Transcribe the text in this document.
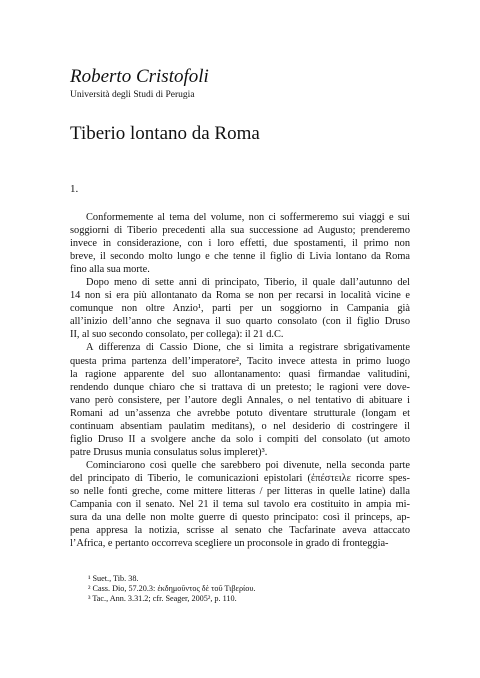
Roberto Cristofoli

Università degli Studi di Perugia

Tiberio lontano da Roma

1.

Conformemente al tema del volume, non ci soffermeremo sui viaggi e sui
soggiorni di Tiberio precedenti alla sua successione ad Augusto; prenderemo
invece in considerazione, con i loro effetti, due spostamenti, il primo non
breve, il secondo molto lungo e che tenne il figlio di Livia lontano da Roma
fino alla sua morte.
Dopo meno di sette anni di principato, Tiberio, il quale dall’autunno del
14 non si era più allontanato da Roma se non per recarsi in località vicine e
comunque non oltre Anzio¹, parti per un soggiorno in Campania già
all’inizio dell’anno che segnava il suo quarto consolato (con il figlio Druso
II, al suo secondo consolato, per collega): il 21 d.C.
A differenza di Cassio Dione, che si limita a registrare sbrigativamente
questa prima partenza dell’imperatore², Tacito invece attesta in primo luogo
la ragione apparente del suo allontanamento: quasi firmandae valitudini,
rendendo dunque chiaro che si trattava di un pretesto; le ragioni vere dove-
vano però consistere, per l’autore degli Annales, o nel tentativo di abituare i
Romani ad un’assenza che avrebbe potuto diventare strutturale (longam et
continuam absentiam paulatim meditans), o nel desiderio di costringere il
figlio Druso II a svolgere anche da solo i compiti del consolato (ut amoto
patre Drusus munia consulatus solus impleret)³.
Cominciarono così quelle che sarebbero poi divenute, nella seconda parte
del principato di Tiberio, le comunicazioni epistolari (ἐπέστειλε ricorre spes-
so nelle fonti greche, come mittere litteras / per litteras in quelle latine) dalla
Campania con il senato. Nel 21 il tema sul tavolo era costituito in ampia mi-
sura da una delle non molte guerre di questo principato: così il princeps, ap-
pena appresa la notizia, scrisse al senato che Tacfarinate aveva attaccato
l’Africa, e pertanto occorreva scegliere un proconsole in grado di fronteggia-
¹ Suet., Tib. 38.
² Cass. Dio, 57.20.3: ἐκδημοῦντος δὲ τοῦ Τιβερίου.
³ Tac., Ann. 3.31.2; cfr. Seager, 2005², p. 110.
